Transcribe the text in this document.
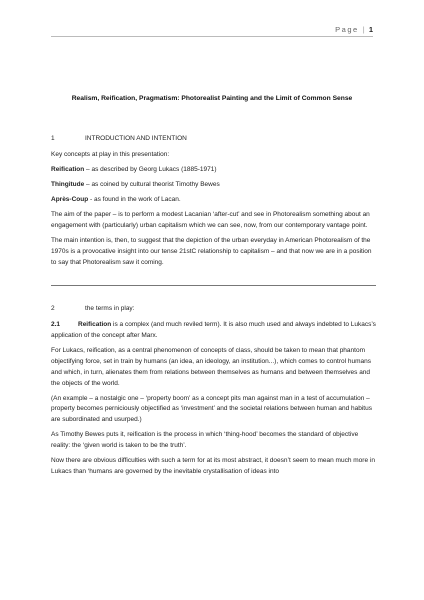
Page | 1
Realism, Reification, Pragmatism: Photorealist Painting and the Limit of Common Sense

1	INTRODUCTION AND INTENTION

Key concepts at play in this presentation:

Reification – as described by Georg Lukacs (1885-1971)

Thingitude – as coined by cultural theorist Timothy Bewes

Après-Coup - as found in the work of Lacan.

The aim of the paper – is to perform a modest Lacanian ‘after-cut’ and see in Photorealism something about an engagement with (particularly) urban capitalism which we can see, now, from our contemporary vantage point.

The main intention is, then, to suggest that the depiction of the urban everyday in American Photorealism of the 1970s is a provocative insight into our tense 21stC relationship to capitalism – and that now we are in a position to say that Photorealism saw it coming.

2	the terms in play:

2.1	Reification is a complex (and much reviled term). It is also much used and always indebted to Lukacs’s application of the concept after Marx.

For Lukacs, reification, as a central phenomenon of concepts of class, should be taken to mean that phantom objectifying force, set in train by humans (an idea, an ideology, an institution...), which comes to control humans and which, in turn, alienates them from relations between themselves as humans and between themselves and the objects of the world.

(An example – a nostalgic one – ‘property boom’ as a concept pits man against man in a test of accumulation – property becomes perniciously objectified as ‘investment’ and the societal relations between human and habitus are subordinated and usurped.)

As Timothy Bewes puts it, reification is the process in which ‘thing-hood’ becomes the standard of objective reality: the ‘given world is taken to be the truth’.

Now there are obvious difficulties with such a term for at its most abstract, it doesn’t seem to mean much more in Lukacs than ‘humans are governed by the inevitable crystallisation of ideas into
